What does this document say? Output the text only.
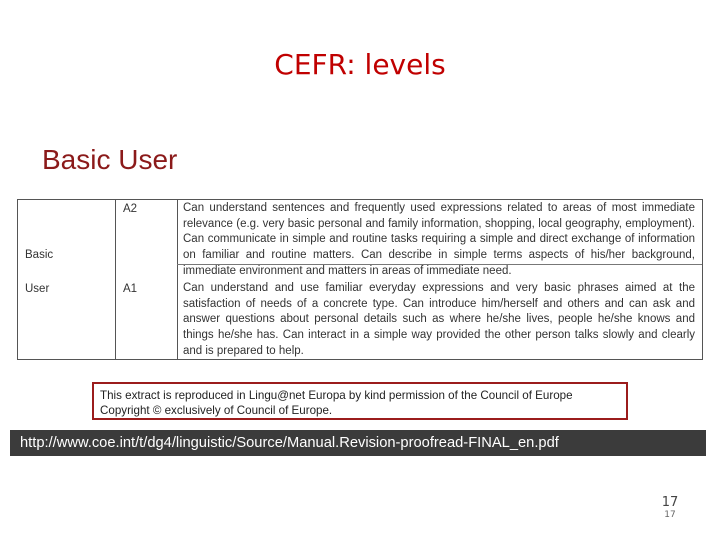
CEFR: levels
Basic User
Basic
User
A2	Can understand sentences and frequently used expressions related to areas of most immediate relevance (e.g. very basic personal and family information, shopping, local geography, employment). Can communicate in simple and routine tasks requiring a simple and direct exchange of information on familiar and routine matters. Can describe in simple terms aspects of his/her background, immediate environment and matters in areas of immediate need.
A1	Can understand and use familiar everyday expressions and very basic phrases aimed at the satisfaction of needs of a concrete type. Can introduce him/herself and others and can ask and answer questions about personal details such as where he/she lives, people he/she knows and things he/she has. Can interact in a simple way provided the other person talks slowly and clearly and is prepared to help.
This extract is reproduced in Lingu@net Europa by kind permission of the Council of Europe
Copyright © exclusively of Council of Europe.
http://www.coe.int/t/dg4/linguistic/Source/Manual.Revision-proofread-FINAL_en.pdf
17
17
